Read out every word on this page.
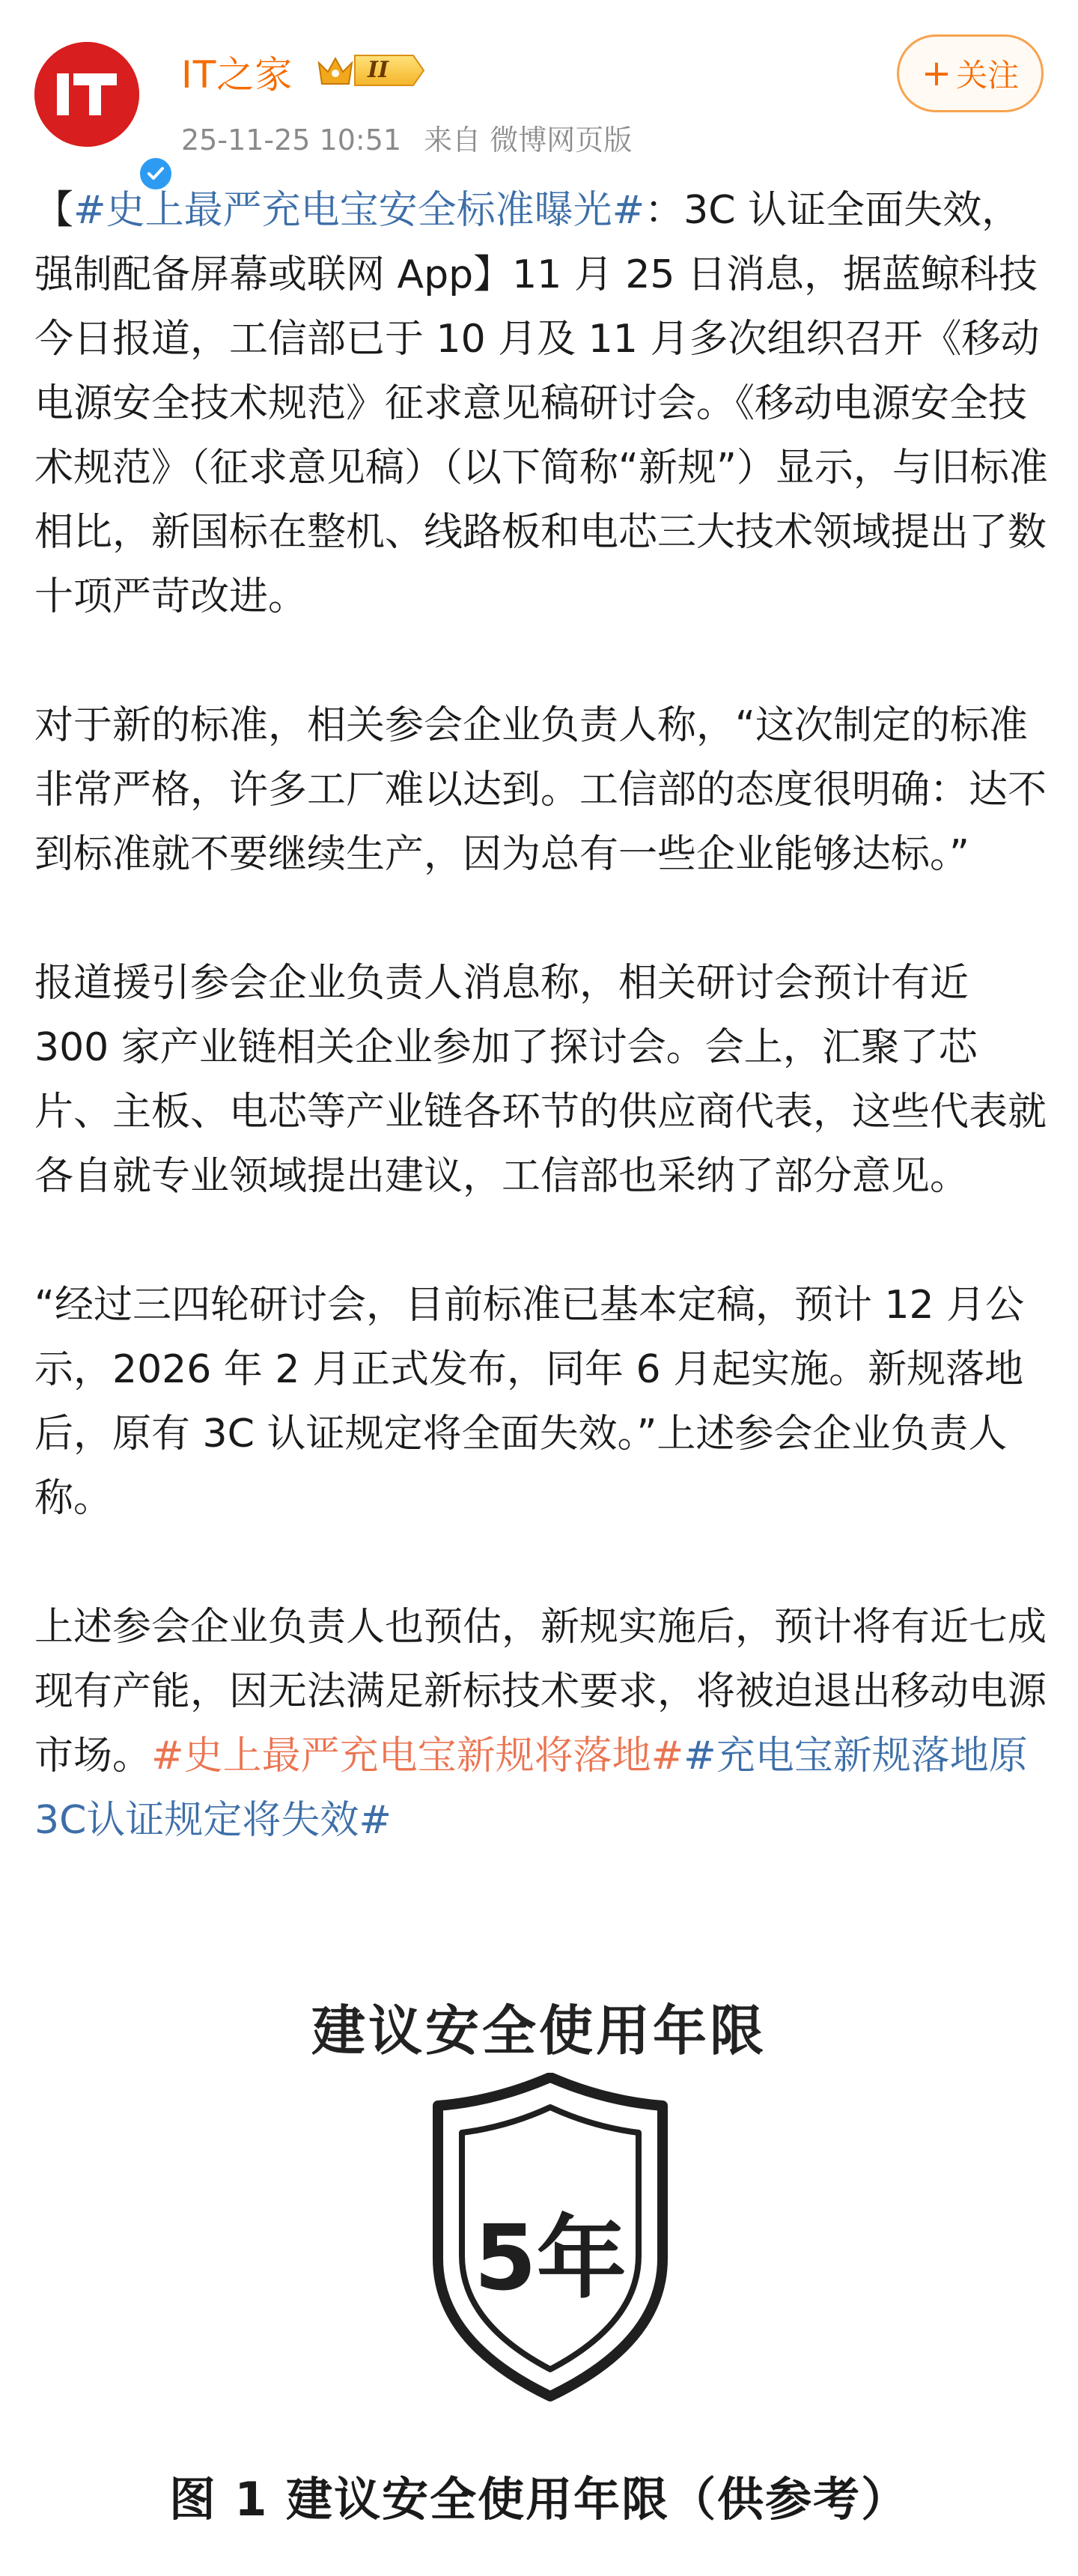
IT之家	II
25-11-25 10:51 来自 微博网页版
+ 关注

【#史上最严充电宝安全标准曝光#：3C 认证全面失效，强制配备屏幕或联网 App】11 月 25 日消息，据蓝鲸科技今日报道，工信部已于 10 月及 11 月多次组织召开《移动电源安全技术规范》征求意见稿研讨会。《移动电源安全技术规范》（征求意见稿）（以下简称“新规”）显示，与旧标准相比，新国标在整机、线路板和电芯三大技术领域提出了数十项严苛改进。

对于新的标准，相关参会企业负责人称，“这次制定的标准非常严格，许多工厂难以达到。工信部的态度很明确：达不到标准就不要继续生产，因为总有一些企业能够达标。”

报道援引参会企业负责人消息称，相关研讨会预计有近 300 家产业链相关企业参加了探讨会。会上，汇聚了芯片、主板、电芯等产业链各环节的供应商代表，这些代表就各自就专业领域提出建议，工信部也采纳了部分意见。

“经过三四轮研讨会，目前标准已基本定稿，预计 12 月公示，2026 年 2 月正式发布，同年 6 月起实施。新规落地后，原有 3C 认证规定将全面失效。”上述参会企业负责人称。

上述参会企业负责人也预估，新规实施后，预计将有近七成现有产能，因无法满足新标技术要求，将被迫退出移动电源市场。#史上最严充电宝新规将落地##充电宝新规落地原3C认证规定将失效#

建议安全使用年限
5年
图 1 建议安全使用年限（供参考）
